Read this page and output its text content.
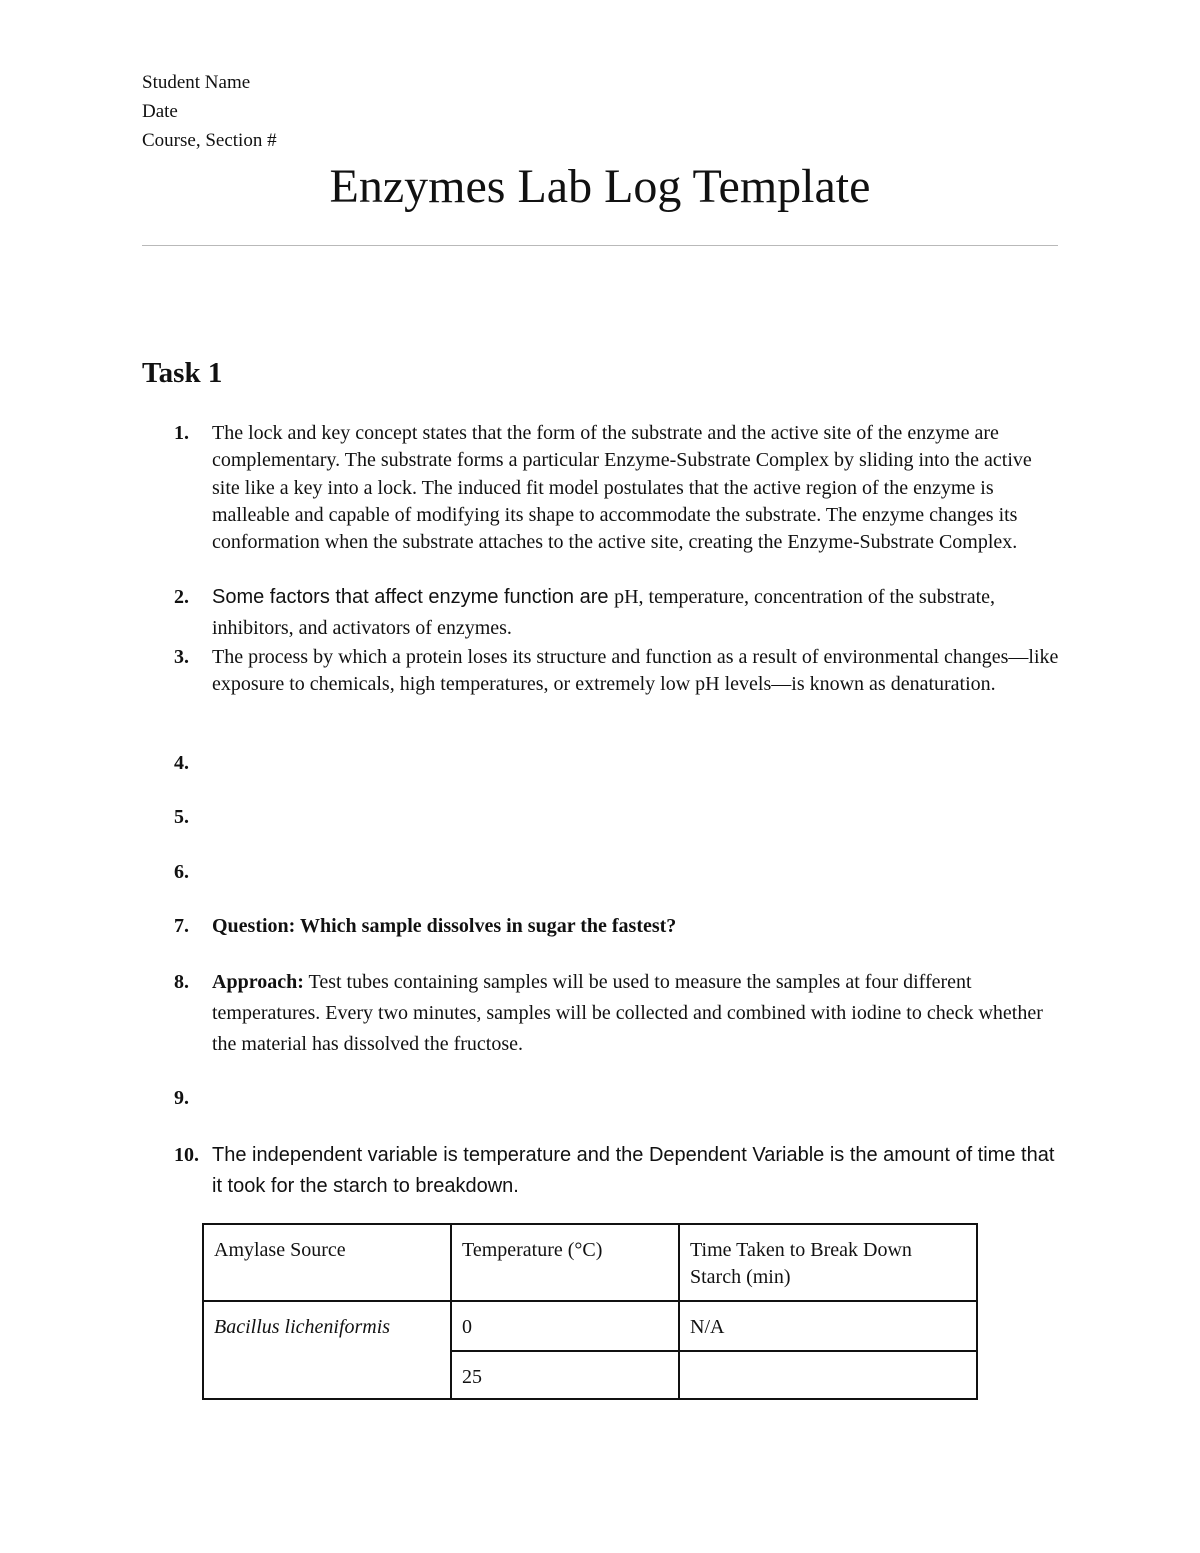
Student Name
Date
Course, Section #
Enzymes Lab Log Template
Task 1
1. The lock and key concept states that the form of the substrate and the active site of the enzyme are complementary. The substrate forms a particular Enzyme-Substrate Complex by sliding into the active site like a key into a lock. The induced fit model postulates that the active region of the enzyme is malleable and capable of modifying its shape to accommodate the substrate. The enzyme changes its conformation when the substrate attaches to the active site, creating the Enzyme-Substrate Complex.
2. Some factors that affect enzyme function are pH, temperature, concentration of the substrate, inhibitors, and activators of enzymes.
3. The process by which a protein loses its structure and function as a result of environmental changes—like exposure to chemicals, high temperatures, or extremely low pH levels—is known as denaturation.
4.
5.
6.
7. Question: Which sample dissolves in sugar the fastest?
8. Approach: Test tubes containing samples will be used to measure the samples at four different temperatures. Every two minutes, samples will be collected and combined with iodine to check whether the material has dissolved the fructose.
9.
10. The independent variable is temperature and the Dependent Variable is the amount of time that it took for the starch to breakdown.
Amylase Source	Temperature (°C)	Time Taken to Break Down Starch (min)
Bacillus licheniformis	0	N/A
	25	
